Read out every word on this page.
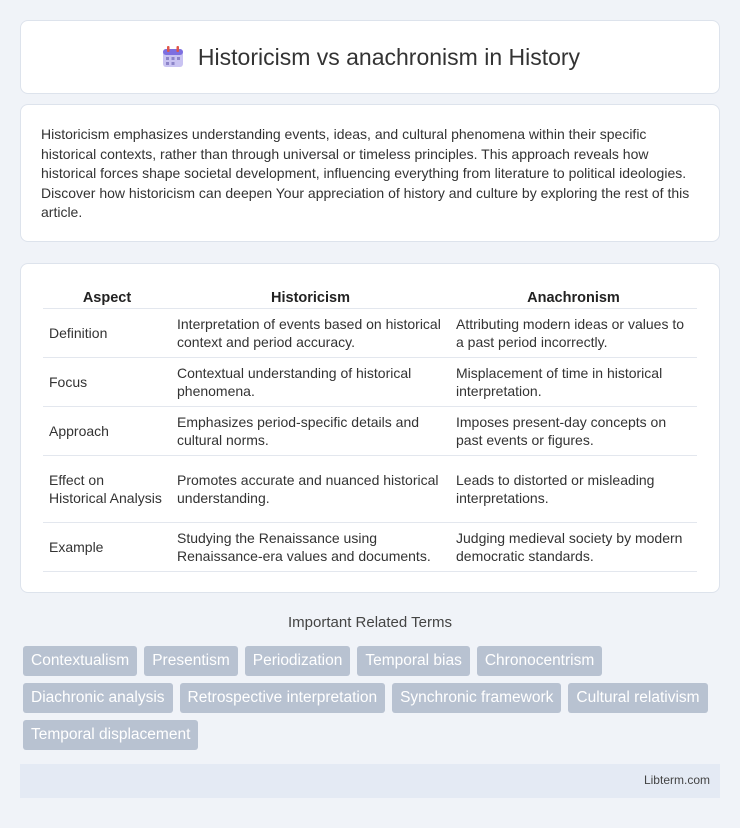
Historicism vs anachronism in History

Historicism emphasizes understanding events, ideas, and cultural phenomena within their specific historical contexts, rather than through universal or timeless principles. This approach reveals how historical forces shape societal development, influencing everything from literature to political ideologies. Discover how historicism can deepen Your appreciation of history and culture by exploring the rest of this article.

Aspect	Historicism	Anachronism
Definition	Interpretation of events based on historical context and period accuracy.	Attributing modern ideas or values to a past period incorrectly.
Focus	Contextual understanding of historical phenomena.	Misplacement of time in historical interpretation.
Approach	Emphasizes period-specific details and cultural norms.	Imposes present-day concepts on past events or figures.
Effect on Historical Analysis	Promotes accurate and nuanced historical understanding.	Leads to distorted or misleading interpretations.
Example	Studying the Renaissance using Renaissance-era values and documents.	Judging medieval society by modern democratic standards.
Important Related Terms
Contextualism	Presentism	Periodization	Temporal bias	Chronocentrism
Diachronic analysis	Retrospective interpretation	Synchronic framework	Cultural relativism
Temporal displacement
Libterm.com
